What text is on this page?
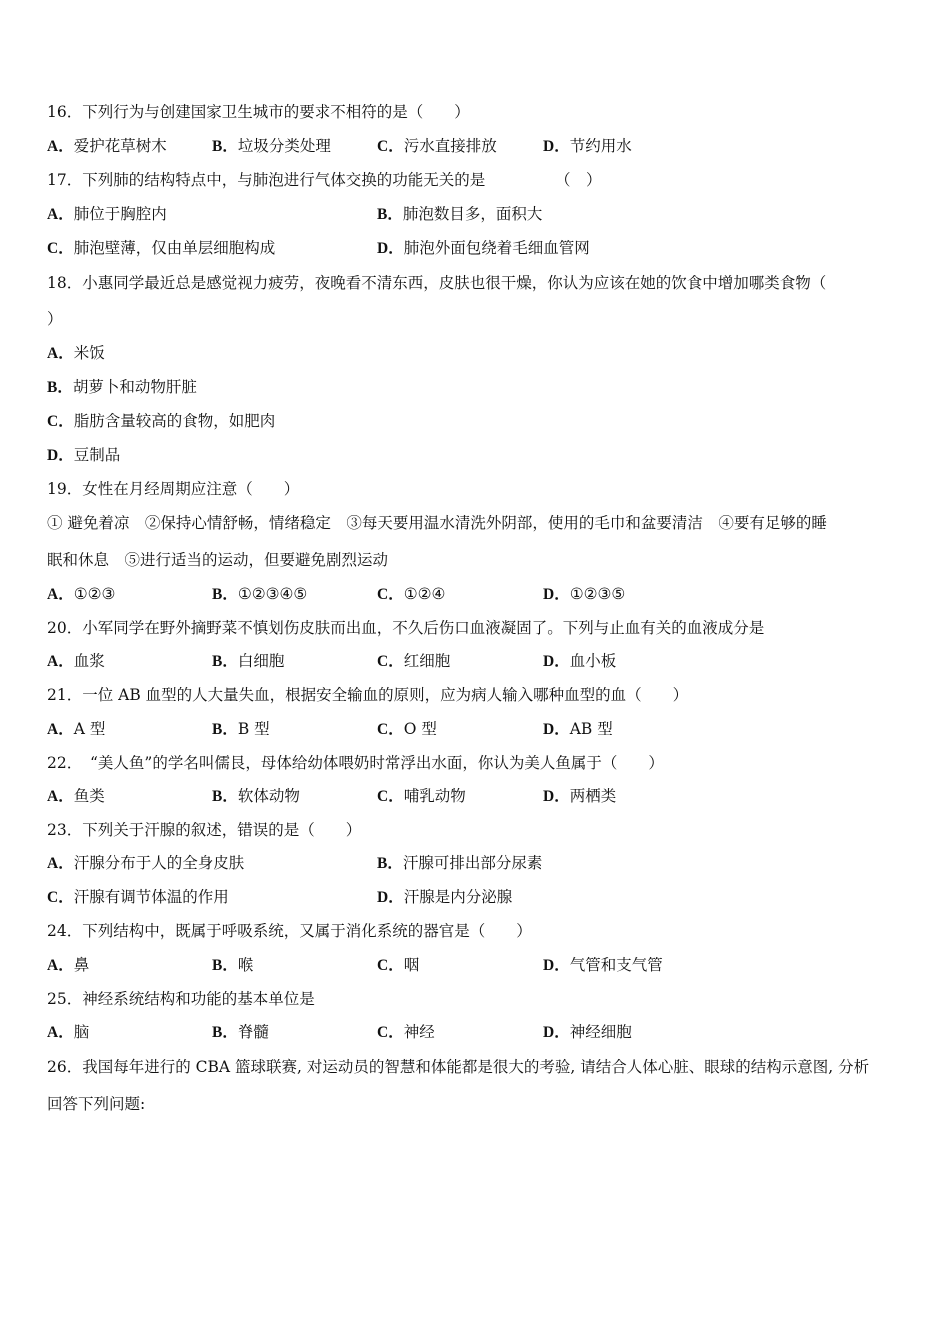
16．下列行为与创建国家卫生城市的要求不相符的是（　　）
A．爱护花草树木	B．垃圾分类处理	C．污水直接排放	D．节约用水
17．下列肺的结构特点中，与肺泡进行气体交换的功能无关的是　　　　　（　）
A．肺位于胸腔内	B．肺泡数目多，面积大
C．肺泡壁薄，仅由单层细胞构成	D．肺泡外面包绕着毛细血管网
18．小惠同学最近总是感觉视力疲劳，夜晚看不清东西，皮肤也很干燥，你认为应该在她的饮食中增加哪类食物（
）
A．米饭
B．胡萝卜和动物肝脏
C．脂肪含量较高的食物，如肥肉
D．豆制品
19．女性在月经周期应注意（　　）
① 避免着凉　②保持心情舒畅，情绪稳定　③每天要用温水清洗外阴部，使用的毛巾和盆要清洁　④要有足够的睡
眠和休息　⑤进行适当的运动，但要避免剧烈运动
A．①②③	B．①②③④⑤	C．①②④	D．①②③⑤
20．小军同学在野外摘野菜不慎划伤皮肤而出血，不久后伤口血液凝固了。下列与止血有关的血液成分是
A．血浆	B．白细胞	C．红细胞	D．血小板
21．一位 AB 血型的人大量失血，根据安全输血的原则，应为病人输入哪种血型的血（　　）
A．A 型	B．B 型	C．O 型	D．AB 型
22．　“美人鱼”的学名叫儒艮，母体给幼体喂奶时常浮出水面，你认为美人鱼属于（　　）
A．鱼类	B．软体动物	C．哺乳动物	D．两栖类
23．下列关于汗腺的叙述，错误的是（　　）
A．汗腺分布于人的全身皮肤	B．汗腺可排出部分尿素
C．汗腺有调节体温的作用	D．汗腺是内分泌腺
24．下列结构中，既属于呼吸系统，又属于消化系统的器官是（　　）
A．鼻	B．喉	C．咽	D．气管和支气管
25．神经系统结构和功能的基本单位是
A．脑	B．脊髓	C．神经	D．神经细胞
26．我国每年进行的 CBA 篮球联赛, 对运动员的智慧和体能都是很大的考验, 请结合人体心脏、眼球的结构示意图, 分析
回答下列问题:
